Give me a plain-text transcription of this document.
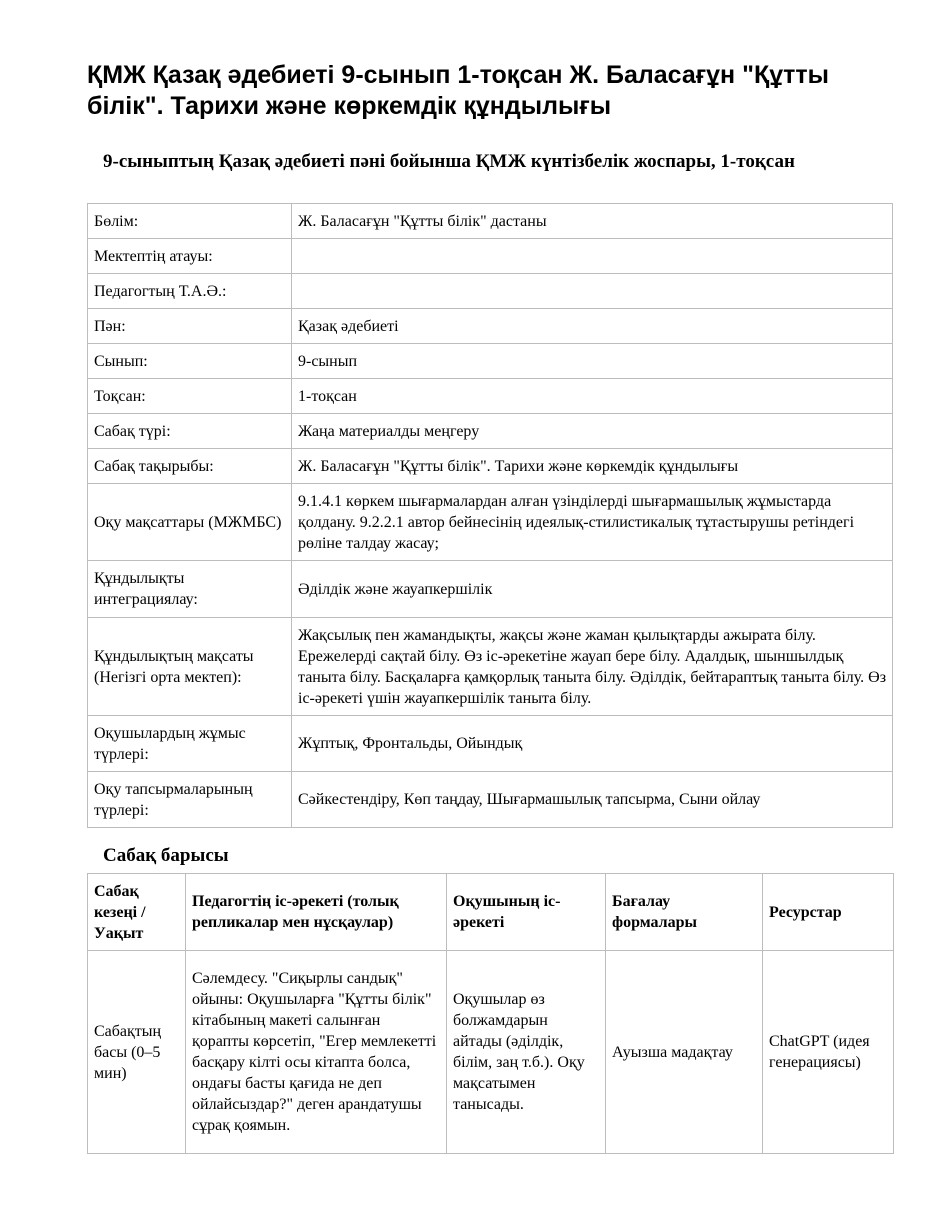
ҚМЖ Қазақ әдебиеті 9-сынып 1-тоқсан Ж. Баласағұн "Құтты білік". Тарихи және көркемдік құндылығы
9-сыныптың Қазақ әдебиеті пәні бойынша ҚМЖ күнтізбелік жоспары, 1-тоқсан
Бөлім:	Ж. Баласағұн "Құтты білік" дастаны
Мектептің атауы:	
Педагогтың Т.А.Ә.:	
Пән:	Қазақ әдебиеті
Сынып:	9-сынып
Тоқсан:	1-тоқсан
Сабақ түрі:	Жаңа материалды меңгеру
Сабақ тақырыбы:	Ж. Баласағұн "Құтты білік". Тарихи және көркемдік құндылығы
Оқу мақсаттары (МЖМБС)	9.1.4.1 көркем шығармалардан алған үзінділерді шығармашылық жұмыстарда қолдану. 9.2.2.1 автор бейнесінің идеялық-стилистикалық тұтастырушы ретіндегі рөліне талдау жасау;
Құндылықты интеграциялау:	Әділдік және жауапкершілік
Құндылықтың мақсаты (Негізгі орта мектеп):	Жақсылық пен жамандықты, жақсы және жаман қылықтарды ажырата білу. Ережелерді сақтай білу. Өз іс-әрекетіне жауап бере білу. Адалдық, шыншылдық таныта білу. Басқаларға қамқорлық таныта білу. Әділдік, бейтараптық таныта білу. Өз іс-әрекеті үшін жауапкершілік таныта білу.
Оқушылардың жұмыс түрлері:	Жұптық, Фронтальды, Ойындық
Оқу тапсырмаларының түрлері:	Сәйкестендіру, Көп таңдау, Шығармашылық тапсырма, Сыни ойлау
Сабақ барысы
Сабақ кезеңі / Уақыт	Педагогтің іс-әрекеті (толық репликалар мен нұсқаулар)	Оқушының іс-әрекеті	Бағалау формалары	Ресурстар
Сабақтың басы (0–5 мин)	Сәлемдесу. "Сиқырлы сандық" ойыны: Оқушыларға "Құтты білік" кітабының макеті салынған қорапты көрсетіп, "Егер мемлекетті басқару кілті осы кітапта болса, ондағы басты қағида не деп ойлайсыздар?" деген арандатушы сұрақ қоямын.	Оқушылар өз болжамдарын айтады (әділдік, білім, заң т.б.). Оқу мақсатымен танысады.	Ауызша мадақтау	ChatGPT (идея генерациясы)
